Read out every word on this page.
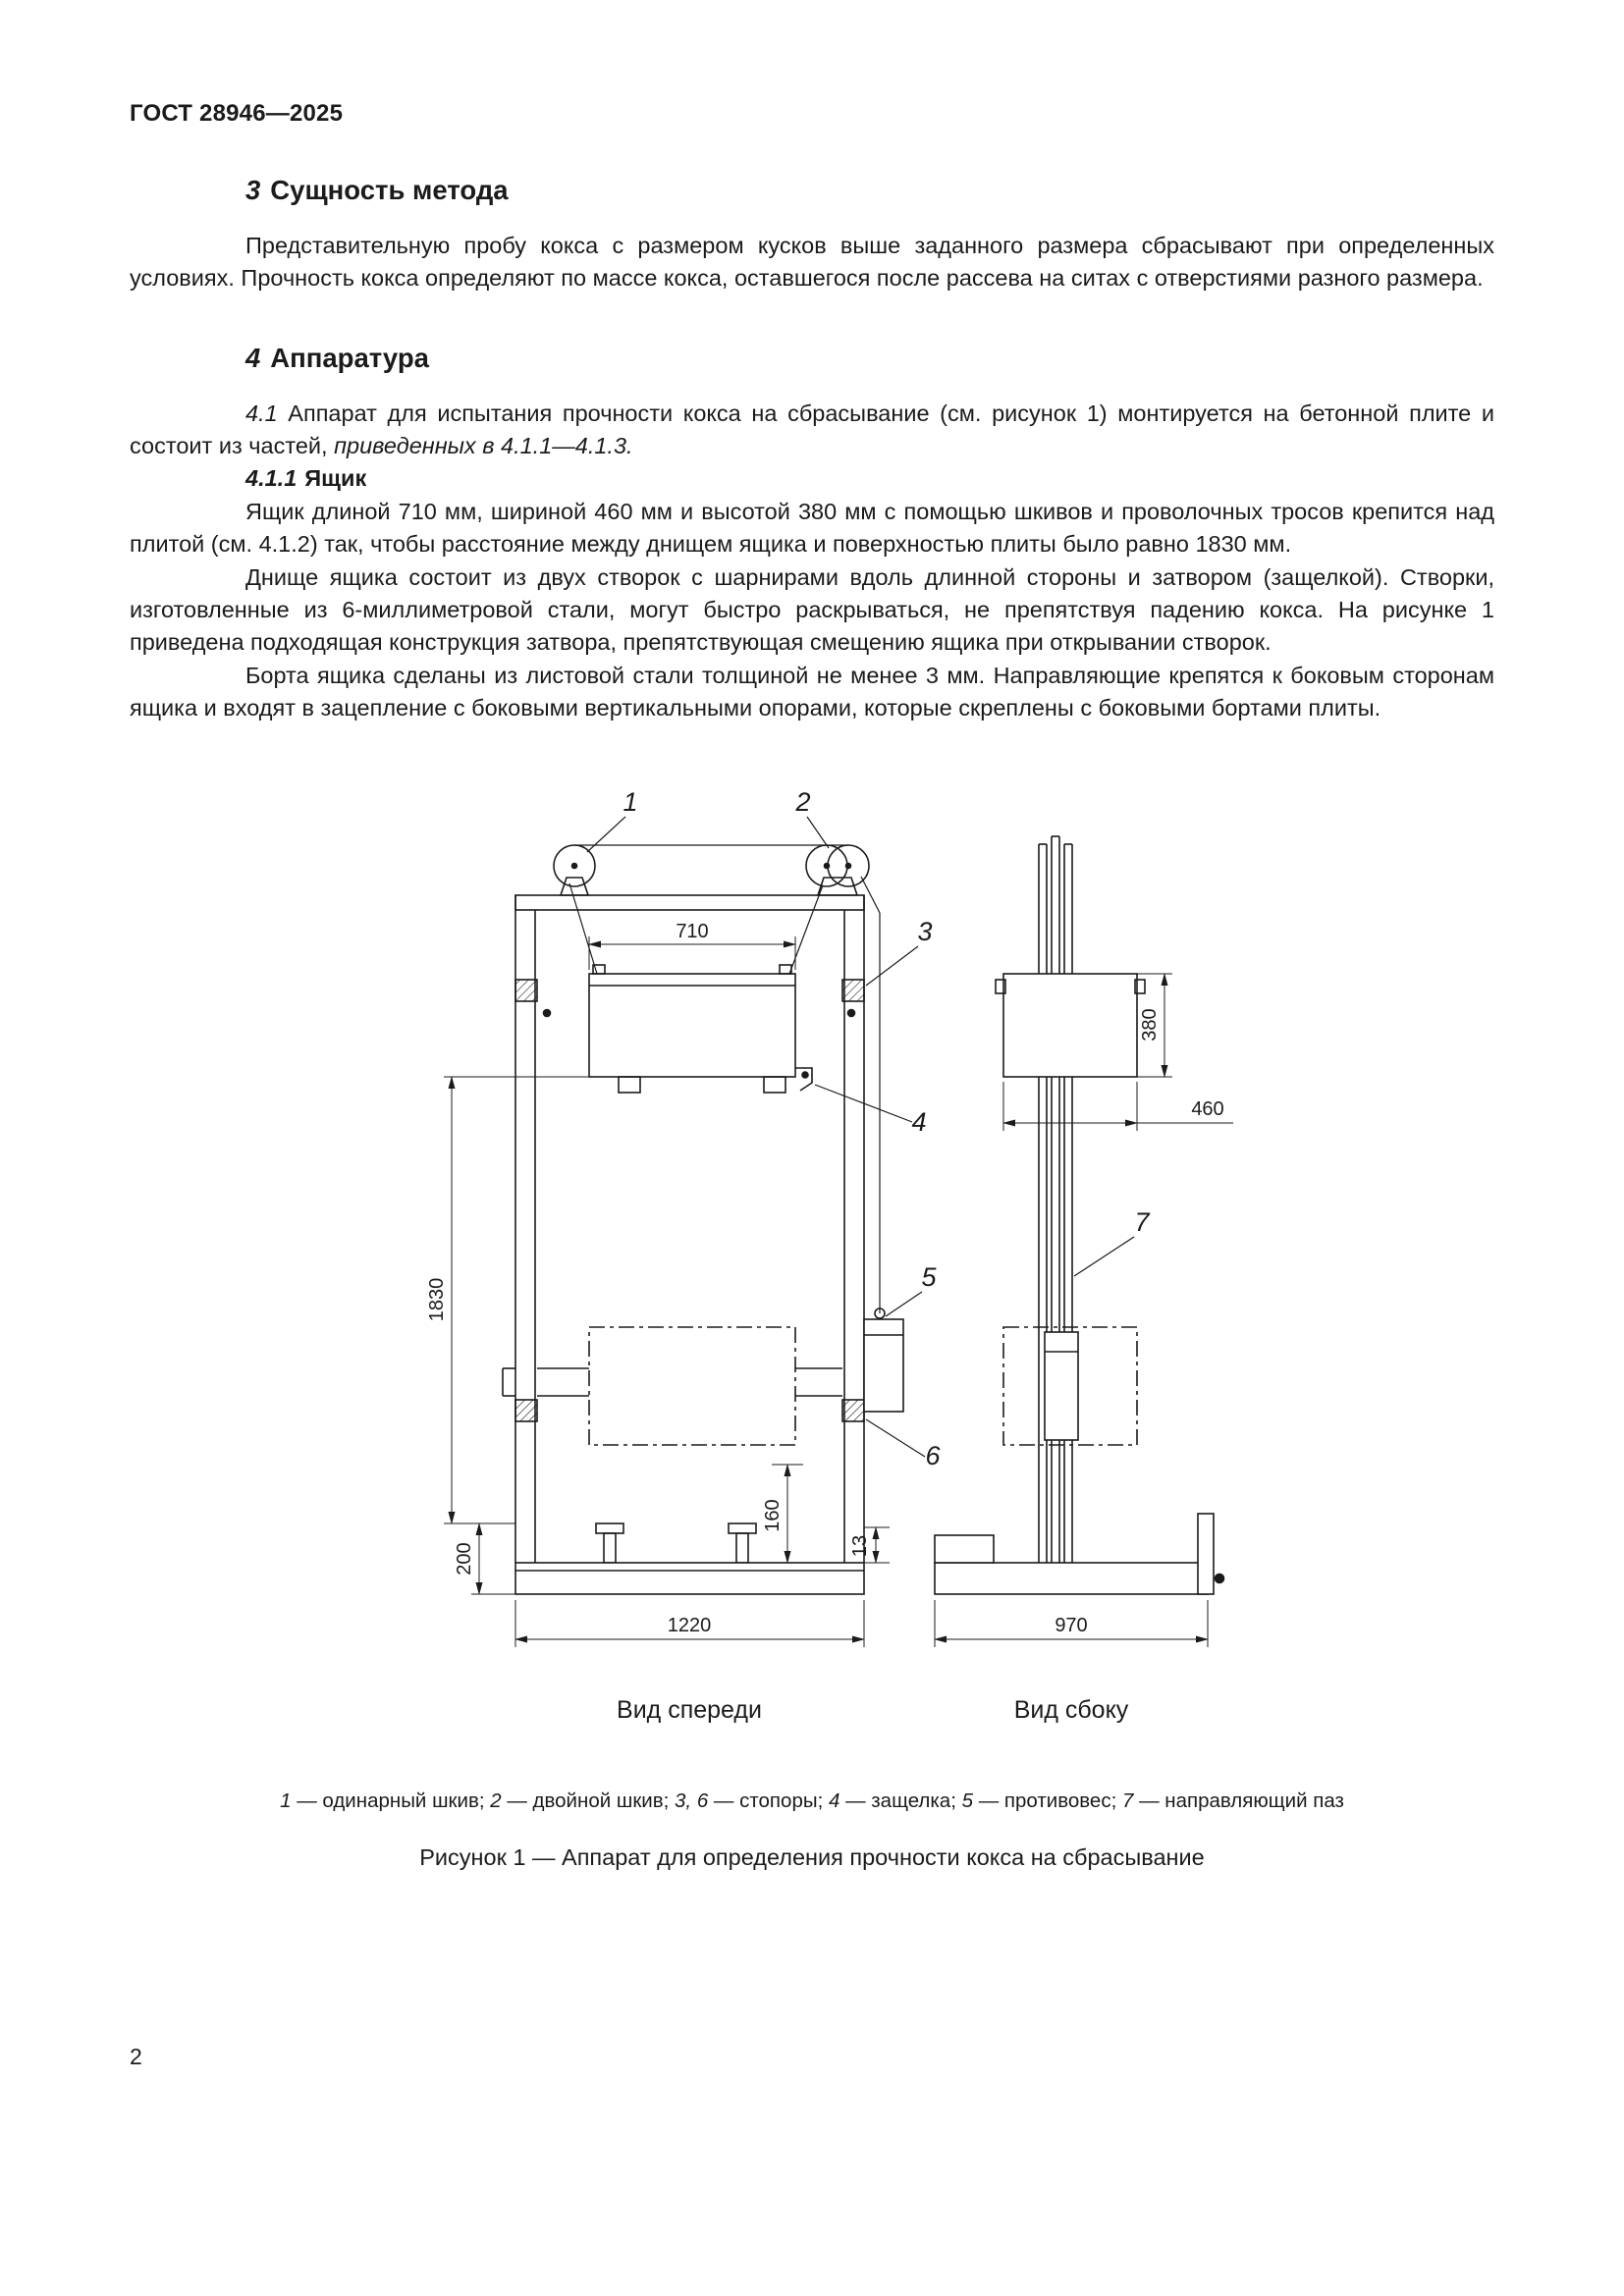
ГОСТ 28946—2025
3 Сущность метода

Представительную пробу кокса с размером кусков выше заданного размера сбрасывают при определенных условиях. Прочность кокса определяют по массе кокса, оставшегося после рассева на ситах с отверстиями разного размера.

4 Аппаратура

4.1 Аппарат для испытания прочности кокса на сбрасывание (см. рисунок 1) монтируется на бетонной плите и состоит из частей, приведенных в 4.1.1—4.1.3.

4.1.1 Ящик

Ящик длиной 710 мм, шириной 460 мм и высотой 380 мм с помощью шкивов и проволочных тросов крепится над плитой (см. 4.1.2) так, чтобы расстояние между днищем ящика и поверхностью плиты было равно 1830 мм.

Днище ящика состоит из двух створок с шарнирами вдоль длинной стороны и затвором (защелкой). Створки, изготовленные из 6-миллиметровой стали, могут быстро раскрываться, не препятствуя падению кокса. На рисунке 1 приведена подходящая конструкция затвора, препятствующая смещению ящика при открывании створок.

Борта ящика сделаны из листовой стали толщиной не менее 3 мм. Направляющие крепятся к боковым сторонам ящика и входят в зацепление с боковыми вертикальными опорами, которые скреплены с боковыми бортами плиты.

710
1830
200
160
13
1220
380
460
970
1	2
3
4
5
6
7
Вид спереди	Вид сбоку

1 — одинарный шкив; 2 — двойной шкив; 3, 6 — стопоры; 4 — защелка; 5 — противовес; 7 — направляющий паз

Рисунок 1 — Аппарат для определения прочности кокса на сбрасывание

2
